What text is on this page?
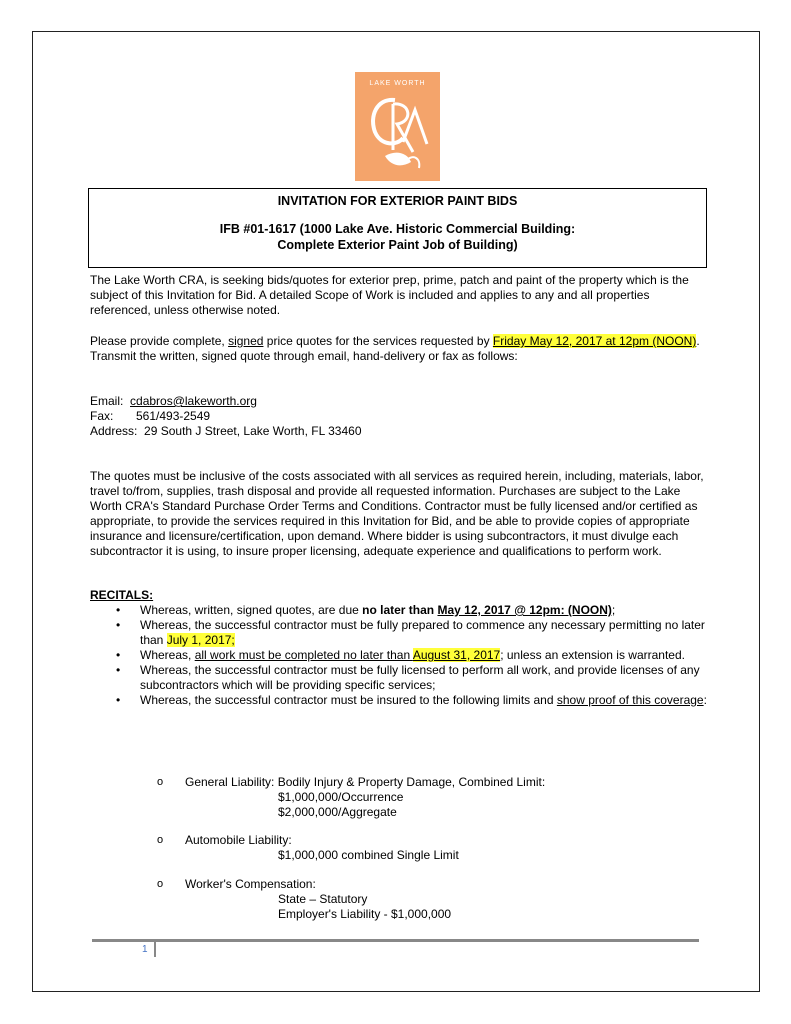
LAKE WORTH
INVITATION FOR EXTERIOR PAINT BIDS
IFB #01-1617 (1000 Lake Ave. Historic Commercial Building:
Complete Exterior Paint Job of Building)
The Lake Worth CRA, is seeking bids/quotes for exterior prep, prime, patch and paint of the property which is the subject of this Invitation for Bid. A detailed Scope of Work is included and applies to any and all properties referenced, unless otherwise noted.
Please provide complete, signed price quotes for the services requested by Friday May 12, 2017 at 12pm (NOON). Transmit the written, signed quote through email, hand-delivery or fax as follows:
Email: cdabros@lakeworth.org
Fax: 561/493-2549
Address: 29 South J Street, Lake Worth, FL 33460
The quotes must be inclusive of the costs associated with all services as required herein, including, materials, labor, travel to/from, supplies, trash disposal and provide all requested information. Purchases are subject to the Lake Worth CRA's Standard Purchase Order Terms and Conditions. Contractor must be fully licensed and/or certified as appropriate, to provide the services required in this Invitation for Bid, and be able to provide copies of appropriate insurance and licensure/certification, upon demand. Where bidder is using subcontractors, it must divulge each subcontractor it is using, to insure proper licensing, adequate experience and qualifications to perform work.
RECITALS:
• Whereas, written, signed quotes, are due no later than May 12, 2017 @ 12pm: (NOON);
• Whereas, the successful contractor must be fully prepared to commence any necessary permitting no later than July 1, 2017;
• Whereas, all work must be completed no later than August 31, 2017; unless an extension is warranted.
• Whereas, the successful contractor must be fully licensed to perform all work, and provide licenses of any subcontractors which will be providing specific services;
• Whereas, the successful contractor must be insured to the following limits and show proof of this coverage:
o General Liability: Bodily Injury & Property Damage, Combined Limit:
$1,000,000/Occurrence
$2,000,000/Aggregate
o Automobile Liability:
$1,000,000 combined Single Limit
o Worker's Compensation:
State – Statutory
Employer's Liability - $1,000,000
1
